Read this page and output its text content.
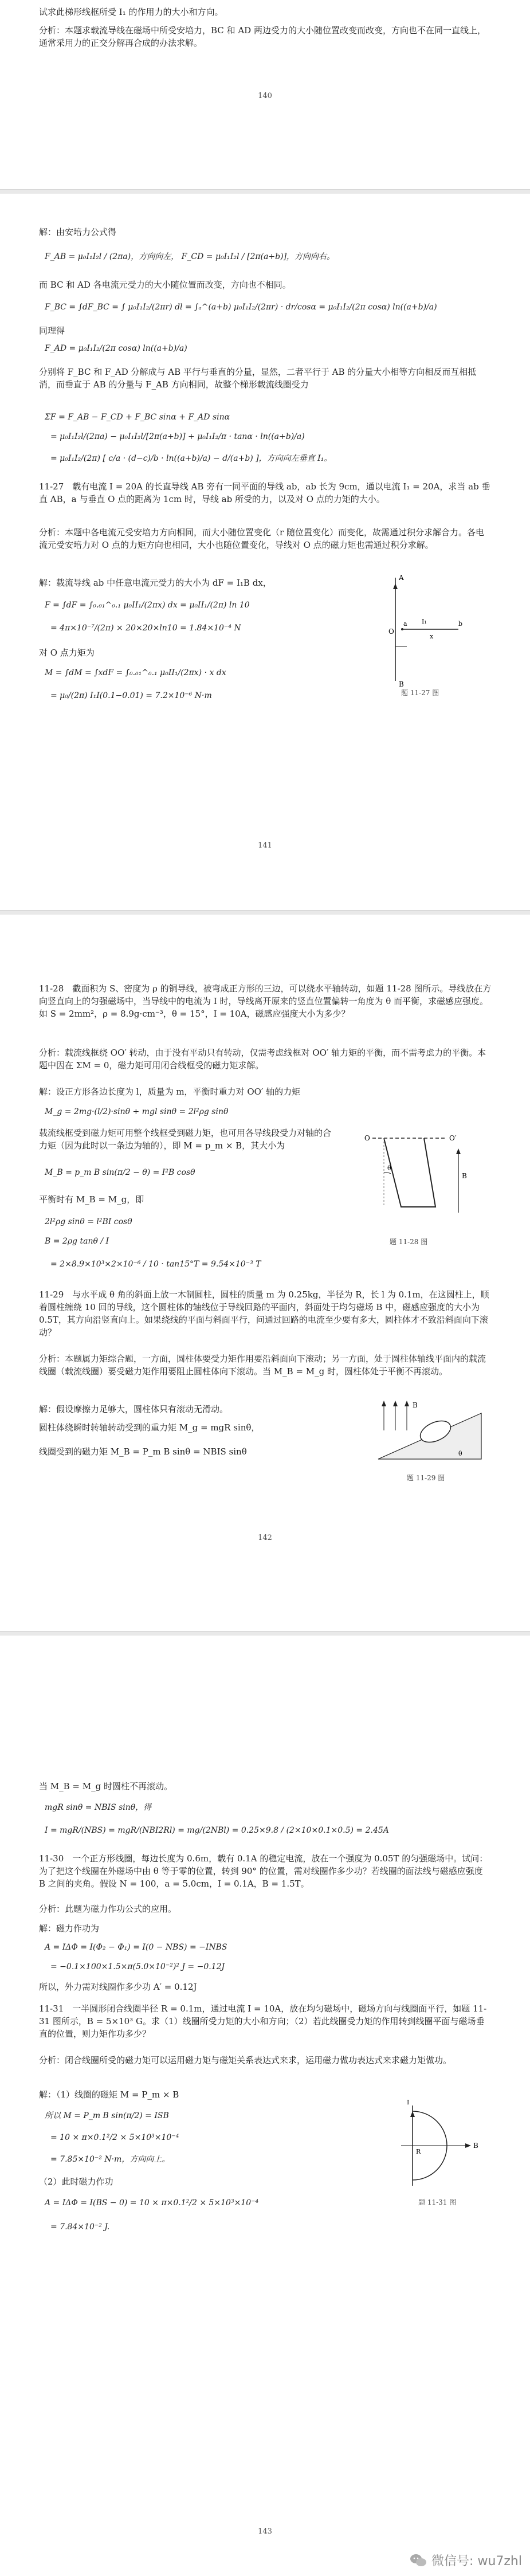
试求此梯形线框所受 I₁ 的作用力的大小和方向。
分析：本题求载流导线在磁场中所受安培力，BC 和 AD 两边受力的大小随位置改变而改变，方向也不在同一直线上，通常采用力的正交分解再合成的办法求解。
140
解：由安培力公式得
F_AB = μ₀I₁I₂l / (2πa)，方向向左， F_CD = μ₀I₁I₂l / [2π(a+b)]，方向向右。
而 BC 和 AD 各电流元受力的大小随位置而改变，方向也不相同。
F_BC = ∫dF_BC = ∫ μ₀I₁I₂/(2πr) dl = ∫ₐ^(a+b) μ₀I₁I₂/(2πr) · dr/cosα = μ₀I₁I₂/(2π cosα) ln((a+b)/a)
同理得
F_AD = μ₀I₁I₂/(2π cosα) ln((a+b)/a)
分别将 F_BC 和 F_AD 分解成与 AB 平行与垂直的分量，显然，二者平行于 AB 的分量大小相等方向相反而互相抵消，而垂直于 AB 的分量与 F_AB 方向相同，故整个梯形载流线圈受力
ΣF = F_AB − F_CD + F_BC sinα + F_AD sinα
= μ₀I₁I₂l/(2πa) − μ₀I₁I₂l/[2π(a+b)] + μ₀I₁I₂/π · tanα · ln((a+b)/a)
= μ₀I₁I₂/(2π) [ c/a · (d−c)/b · ln((a+b)/a) − d/(a+b) ]，方向向左垂直 I₁。
11-27　载有电流 I = 20A 的长直导线 AB 旁有一同平面的导线 ab，ab 长为 9cm，通以电流 I₁ = 20A，求当 ab 垂直 AB，a 与垂直 O 点的距离为 1cm 时，导线 ab 所受的力，以及对 O 点的力矩的大小。
分析：本题中各电流元受安培力方向相同，而大小随位置变化（r 随位置变化）而变化，故需通过积分求解合力。各电流元受安培力对 O 点的力矩方向也相同，大小也随位置变化，导线对 O 点的磁力矩也需通过积分求解。
解：载流导线 ab 中任意电流元受力的大小为 dF = I₁B dx，
F = ∫dF = ∫₀.₀₁^₀.₁ μ₀II₁/(2πx) dx = μ₀II₁/(2π) ln 10
= 4π×10⁻⁷/(2π) × 20×20×ln10 = 1.84×10⁻⁴ N
对 O 点力矩为
M = ∫dM = ∫xdF = ∫₀.₀₁^₀.₁ μ₀II₁/(2πx) · x dx
= μ₀/(2π) I₁I(0.1−0.01) = 7.2×10⁻⁶ N·m
A
B
O
a	b
x
I₁
题 11-27 图
141
11-28　截面积为 S、密度为 ρ 的铜导线，被弯成正方形的三边，可以绕水平轴转动，如题 11-28 图所示。导线放在方向竖直向上的匀强磁场中，当导线中的电流为 I 时，导线离开原来的竖直位置偏转一角度为 θ 而平衡，求磁感应强度。如 S = 2mm²，ρ = 8.9g·cm⁻³，θ = 15°，I = 10A，磁感应强度大小为多少？
分析：载流线框绕 OO′ 转动，由于没有平动只有转动，仅需考虑线框对 OO′ 轴力矩的平衡，而不需考虑力的平衡。本题中因在 ΣM = 0，磁力矩可用闭合线框受的磁力矩求解。
解：设正方形各边长度为 l，质量为 m，平衡时重力对 OO′ 轴的力矩
M_g = 2mg·(l/2)·sinθ + mgl sinθ = 2l²ρg sinθ
载流线框受到磁力矩可用整个线框受到磁力矩，也可用各导线段受力对轴的合力矩（因为此时以一条边为轴的），即 M = p_m × B，其大小为
M_B = p_m B sin(π/2 − θ) = I²B cosθ
平衡时有 M_B = M_g，即
2l²ρg sinθ = l²BI cosθ
B = 2ρg tanθ / I
= 2×8.9×10³×2×10⁻⁶ / 10 · tan15°T = 9.54×10⁻³ T
O	O′
θ
B
题 11-28 图
11-29　与水平成 θ 角的斜面上放一木制圆柱，圆柱的质量 m 为 0.25kg，半径为 R，长 l 为 0.1m，在这圆柱上，顺着圆柱缠绕 10 回的导线，这个圆柱体的轴线位于导线回路的平面内，斜面处于均匀磁场 B 中，磁感应强度的大小为 0.5T，其方向沿竖直向上。如果绕线的平面与斜面平行，问通过回路的电流至少要有多大，圆柱体才不致沿斜面向下滚动？
分析：本题属力矩综合题，一方面，圆柱体要受力矩作用要沿斜面向下滚动；另一方面，处于圆柱体轴线平面内的载流线圈（载流线圈）要受磁力矩作用要阻止圆柱体向下滚动。当 M_B = M_g 时，圆柱体处于平衡不再滚动。
解：假设摩擦力足够大，圆柱体只有滚动无滑动。
圆柱体绕瞬时转轴转动受到的重力矩 M_g = mgR sinθ，
线圈受到的磁力矩 M_B = P_m B sinθ = NBIS sinθ
B
θ
题 11-29 图
142
当 M_B = M_g 时圆柱不再滚动。
mgR sinθ = NBIS sinθ，得
I = mgR/(NBS) = mgR/(NBI2Rl) = mg/(2NBl) = 0.25×9.8 / (2×10×0.1×0.5) = 2.45A
11-30　一个正方形线圈，每边长度为 0.6m，载有 0.1A 的稳定电流，放在一个强度为 0.05T 的匀强磁场中。试问：为了把这个线圈在外磁场中由 θ 等于零的位置，转到 90° 的位置，需对线圈作多少功？若线圈的面法线与磁感应强度 B 之间的夹角。假设 N = 100，a = 5.0cm，I = 0.1A，B = 1.5T。
分析：此题为磁力作功公式的应用。
解：磁力作功为
A = IΔΦ = I(Φ₂ − Φ₁) = I(0 − NBS) = −INBS
= −0.1×100×1.5×π(5.0×10⁻²)² J = −0.12J
所以，外力需对线圈作多少功 A′ = 0.12J
11-31　一半圆形闭合线圈半径 R = 0.1m，通过电流 I = 10A，放在均匀磁场中，磁场方向与线圈面平行，如题 11-31 图所示，B = 5×10³ G。求（1）线圈所受力矩的大小和方向；（2）若此线圈受力矩的作用转到线圈平面与磁场垂直的位置，则力矩作功多少？
分析：闭合线圈所受的磁力矩可以运用磁力矩与磁矩关系表达式来求，运用磁力做功表达式来求磁力矩做功。
解：（1）线圈的磁矩 M = P_m × B
所以 M = P_m B sin(π/2) = ISB
= 10 × π×0.1²/2 × 5×10³×10⁻⁴
= 7.85×10⁻² N·m，方向向上。
（2）此时磁力作功
A = IΔΦ = I(BS − 0) = 10 × π×0.1²/2 × 5×10³×10⁻⁴
= 7.84×10⁻² J.
B
I
R
题 11-31 图
143
微信号: wu7zhl
